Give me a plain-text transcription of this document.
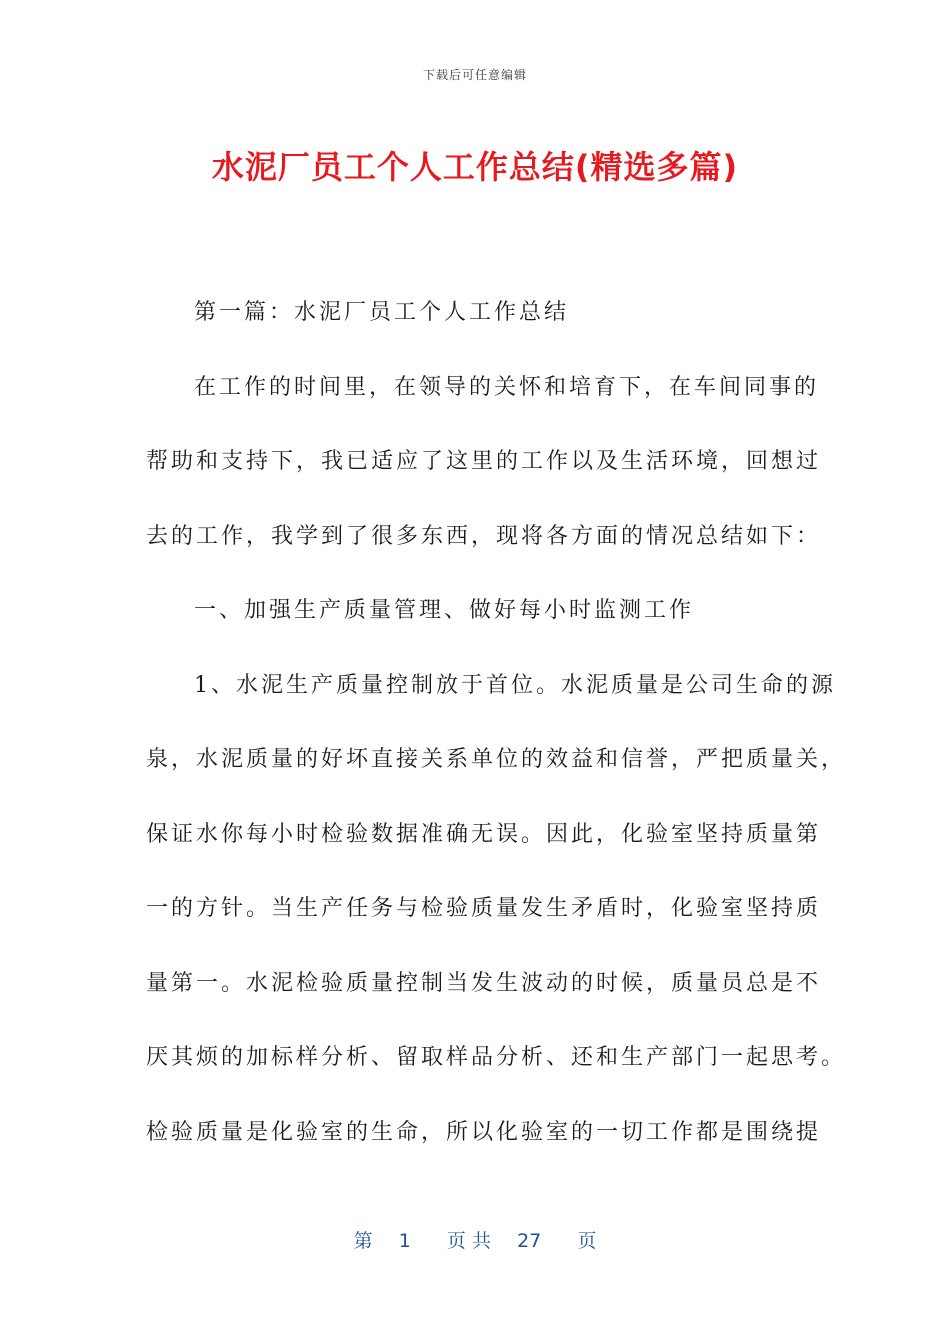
下载后可任意编辑
水泥厂员工个人工作总结(精选多篇)
第一篇：水泥厂员工个人工作总结
在工作的时间里，在领导的关怀和培育下，在车间同事的
帮助和支持下，我已适应了这里的工作以及生活环境，回想过
去的工作，我学到了很多东西，现将各方面的情况总结如下：
一、加强生产质量管理、做好每小时监测工作
1、水泥生产质量控制放于首位。水泥质量是公司生命的源
泉，水泥质量的好坏直接关系单位的效益和信誉，严把质量关，
保证水你每小时检验数据准确无误。因此，化验室坚持质量第
一的方针。当生产任务与检验质量发生矛盾时，化验室坚持质
量第一。水泥检验质量控制当发生波动的时候，质量员总是不
厌其烦的加标样分析、留取样品分析、还和生产部门一起思考。
检验质量是化验室的生命，所以化验室的一切工作都是围绕提
第 1 页 共 27 页
